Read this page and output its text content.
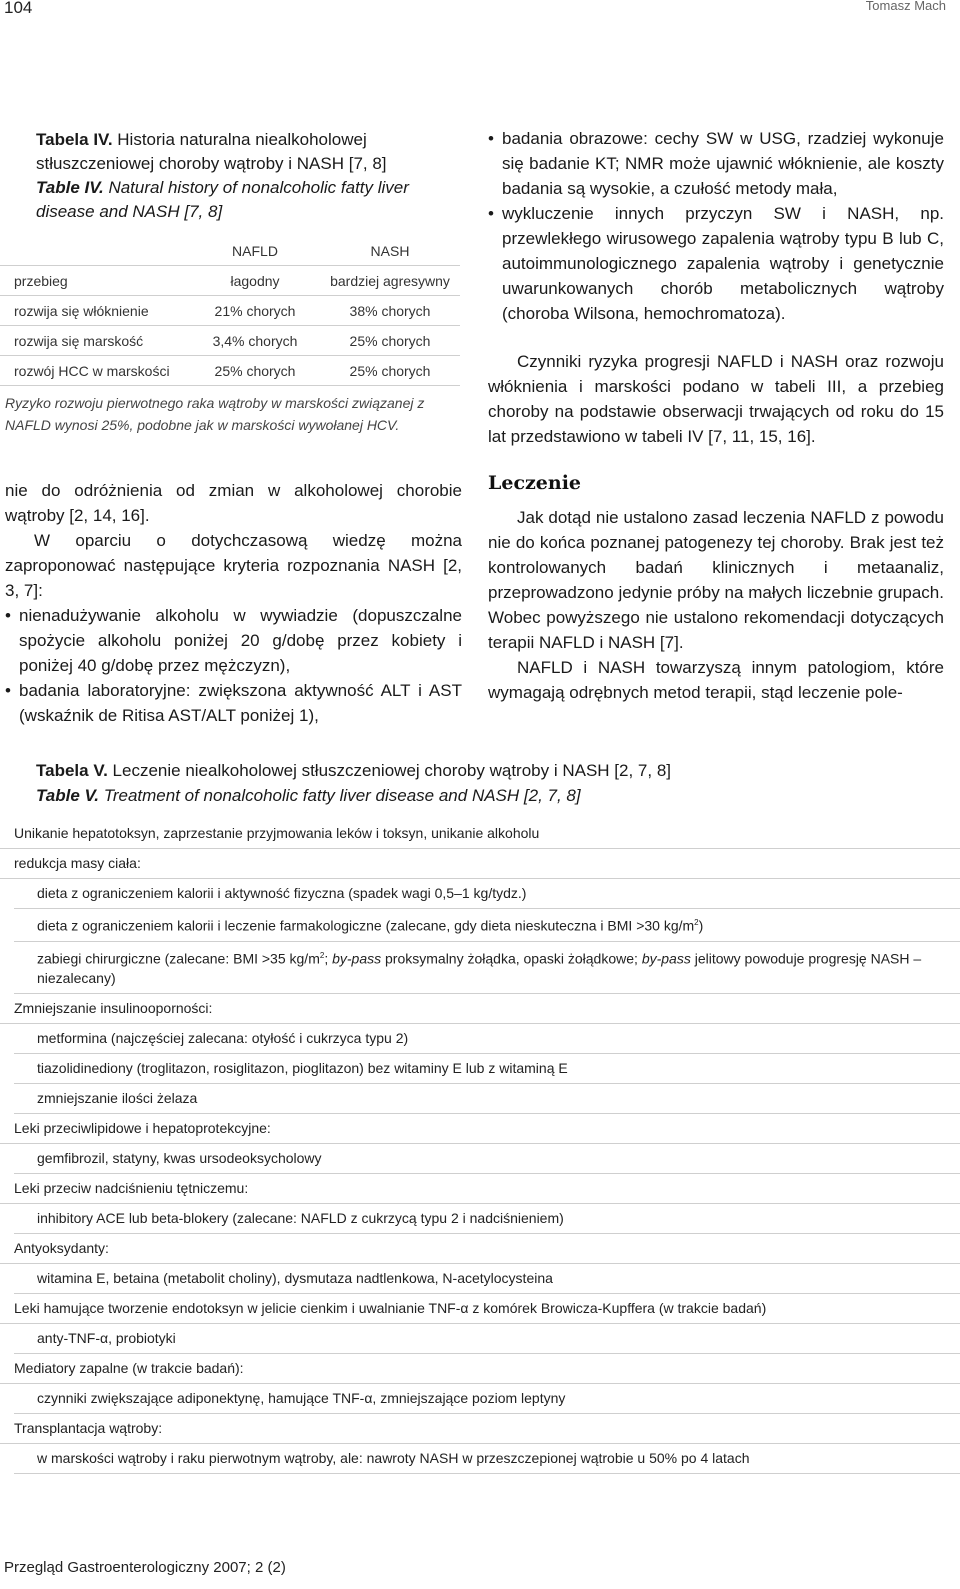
104	Tomasz Mach
Tabela IV. Historia naturalna niealkoholowej stłuszczeniowej choroby wątroby i NASH [7, 8]
Table IV. Natural history of nonalcoholic fatty liver disease and NASH [7, 8]
	NAFLD	NASH
przebieg	łagodny	bardziej agresywny
rozwija się włóknienie	21% chorych	38% chorych
rozwija się marskość	3,4% chorych	25% chorych
rozwój HCC w marskości	25% chorych	25% chorych
Ryzyko rozwoju pierwotnego raka wątroby w marskości związanej z NAFLD wynosi 25%, podobne jak w marskości wywołanej HCV.
nie do odróżnienia od zmian w alkoholowej chorobie wątroby [2, 14, 16].
W oparciu o dotychczasową wiedzę można zaproponować następujące kryteria rozpoznania NASH [2, 3, 7]:
• nienadużywanie alkoholu w wywiadzie (dopuszczalne spożycie alkoholu poniżej 20 g/dobę przez kobiety i poniżej 40 g/dobę przez mężczyzn),
• badania laboratoryjne: zwiększona aktywność ALT i AST (wskaźnik de Ritisa AST/ALT poniżej 1),
• badania obrazowe: cechy SW w USG, rzadziej wykonuje się badanie KT; NMR może ujawnić włóknienie, ale koszty badania są wysokie, a czułość metody mała,
• wykluczenie innych przyczyn SW i NASH, np. przewlekłego wirusowego zapalenia wątroby typu B lub C, autoimmunologicznego zapalenia wątroby i genetycznie uwarunkowanych chorób metabolicznych wątroby (choroba Wilsona, hemochromatoza).
Czynniki ryzyka progresji NAFLD i NASH oraz rozwoju włóknienia i marskości podano w tabeli III, a przebieg choroby na podstawie obserwacji trwających od roku do 15 lat przedstawiono w tabeli IV [7, 11, 15, 16].
Leczenie
Jak dotąd nie ustalono zasad leczenia NAFLD z powodu nie do końca poznanej patogenezy tej choroby. Brak jest też kontrolowanych badań klinicznych i metaanaliz, przeprowadzono jedynie próby na małych liczebnie grupach. Wobec powyższego nie ustalono rekomendacji dotyczących terapii NAFLD i NASH [7].
NAFLD i NASH towarzyszą innym patologiom, które wymagają odrębnych metod terapii, stąd leczenie pole-
Tabela V. Leczenie niealkoholowej stłuszczeniowej choroby wątroby i NASH [2, 7, 8]
Table V. Treatment of nonalcoholic fatty liver disease and NASH [2, 7, 8]
Unikanie hepatotoksyn, zaprzestanie przyjmowania leków i toksyn, unikanie alkoholu
redukcja masy ciała:
dieta z ograniczeniem kalorii i aktywność fizyczna (spadek wagi 0,5–1 kg/tydz.)
dieta z ograniczeniem kalorii i leczenie farmakologiczne (zalecane, gdy dieta nieskuteczna i BMI >30 $kg/m^2$)
zabiegi chirurgiczne (zalecane: BMI >35 $kg/m^2$; by-pass proksymalny żołądka, opaski żołądkowe; by-pass jelitowy powoduje progresję NASH – niezalecany)
Zmniejszanie insulinooporności:
metformina (najczęściej zalecana: otyłość i cukrzyca typu 2)
tiazolidinediony (troglitazon, rosiglitazon, pioglitazon) bez witaminy E lub z witaminą E
zmniejszanie ilości żelaza
Leki przeciwlipidowe i hepatoprotekcyjne:
gemfibrozil, statyny, kwas ursodeoksycholowy
Leki przeciw nadciśnieniu tętniczemu:
inhibitory ACE lub beta-blokery (zalecane: NAFLD z cukrzycą typu 2 i nadciśnieniem)
Antyoksydanty:
witamina E, betaina (metabolit choliny), dysmutaza nadtlenkowa, N-acetylocysteina
Leki hamujące tworzenie endotoksyn w jelicie cienkim i uwalnianie TNF-α z komórek Browicza-Kupffera (w trakcie badań)
anty-TNF-α, probiotyki
Mediatory zapalne (w trakcie badań):
czynniki zwiększające adiponektynę, hamujące TNF-α, zmniejszające poziom leptyny
Transplantacja wątroby:
w marskości wątroby i raku pierwotnym wątroby, ale: nawroty NASH w przeszczepionej wątrobie u 50% po 4 latach
Przegląd Gastroenterologiczny 2007; 2 (2)
